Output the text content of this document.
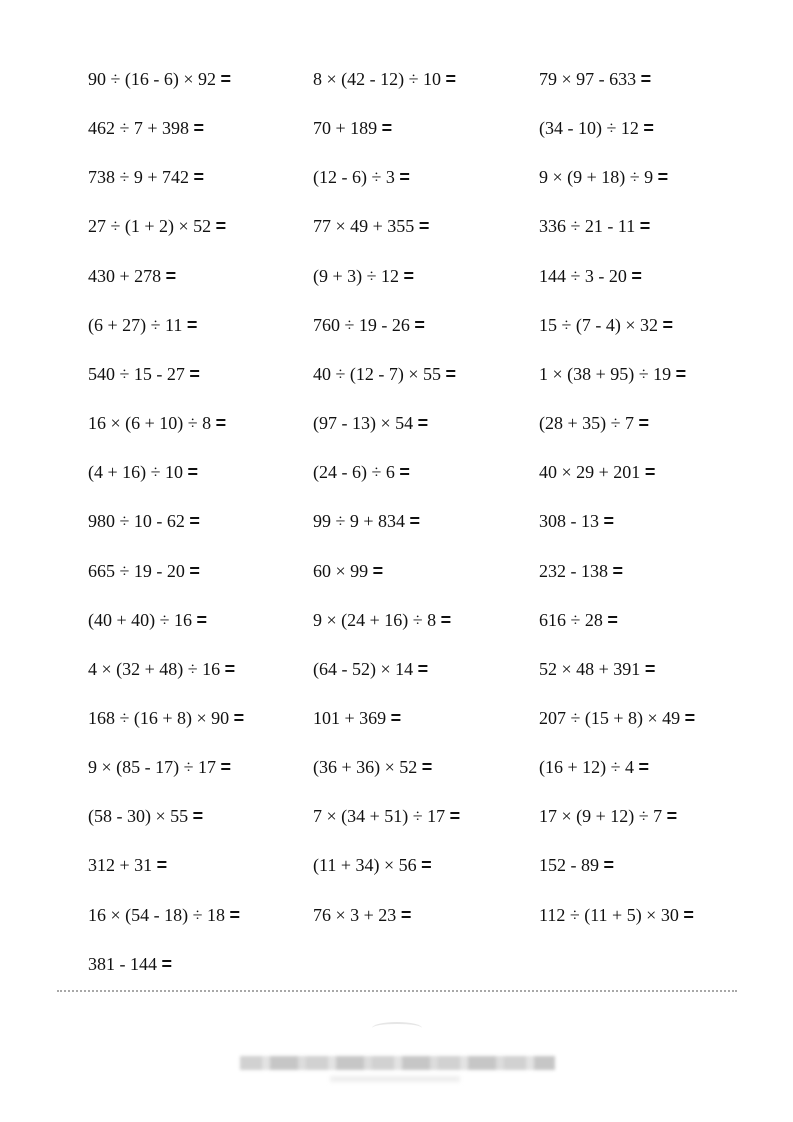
90 ÷ (16 - 6) × 92 =	8 × (42 - 12) ÷ 10 =	79 × 97 - 633 =
462 ÷ 7 + 398 =	70 + 189 =	(34 - 10) ÷ 12 =
738 ÷ 9 + 742 =	(12 - 6) ÷ 3 =	9 × (9 + 18) ÷ 9 =
27 ÷ (1 + 2) × 52 =	77 × 49 + 355 =	336 ÷ 21 - 11 =
430 + 278 =	(9 + 3) ÷ 12 =	144 ÷ 3 - 20 =
(6 + 27) ÷ 11 =	760 ÷ 19 - 26 =	15 ÷ (7 - 4) × 32 =
540 ÷ 15 - 27 =	40 ÷ (12 - 7) × 55 =	1 × (38 + 95) ÷ 19 =
16 × (6 + 10) ÷ 8 =	(97 - 13) × 54 =	(28 + 35) ÷ 7 =
(4 + 16) ÷ 10 =	(24 - 6) ÷ 6 =	40 × 29 + 201 =
980 ÷ 10 - 62 =	99 ÷ 9 + 834 =	308 - 13 =
665 ÷ 19 - 20 =	60 × 99 =	232 - 138 =
(40 + 40) ÷ 16 =	9 × (24 + 16) ÷ 8 =	616 ÷ 28 =
4 × (32 + 48) ÷ 16 =	(64 - 52) × 14 =	52 × 48 + 391 =
168 ÷ (16 + 8) × 90 =	101 + 369 =	207 ÷ (15 + 8) × 49 =
9 × (85 - 17) ÷ 17 =	(36 + 36) × 52 =	(16 + 12) ÷ 4 =
(58 - 30) × 55 =	7 × (34 + 51) ÷ 17 =	17 × (9 + 12) ÷ 7 =
312 + 31 =	(11 + 34) × 56 =	152 - 89 =
16 × (54 - 18) ÷ 18 =	76 × 3 + 23 =	112 ÷ (11 + 5) × 30 =
381 - 144 =
